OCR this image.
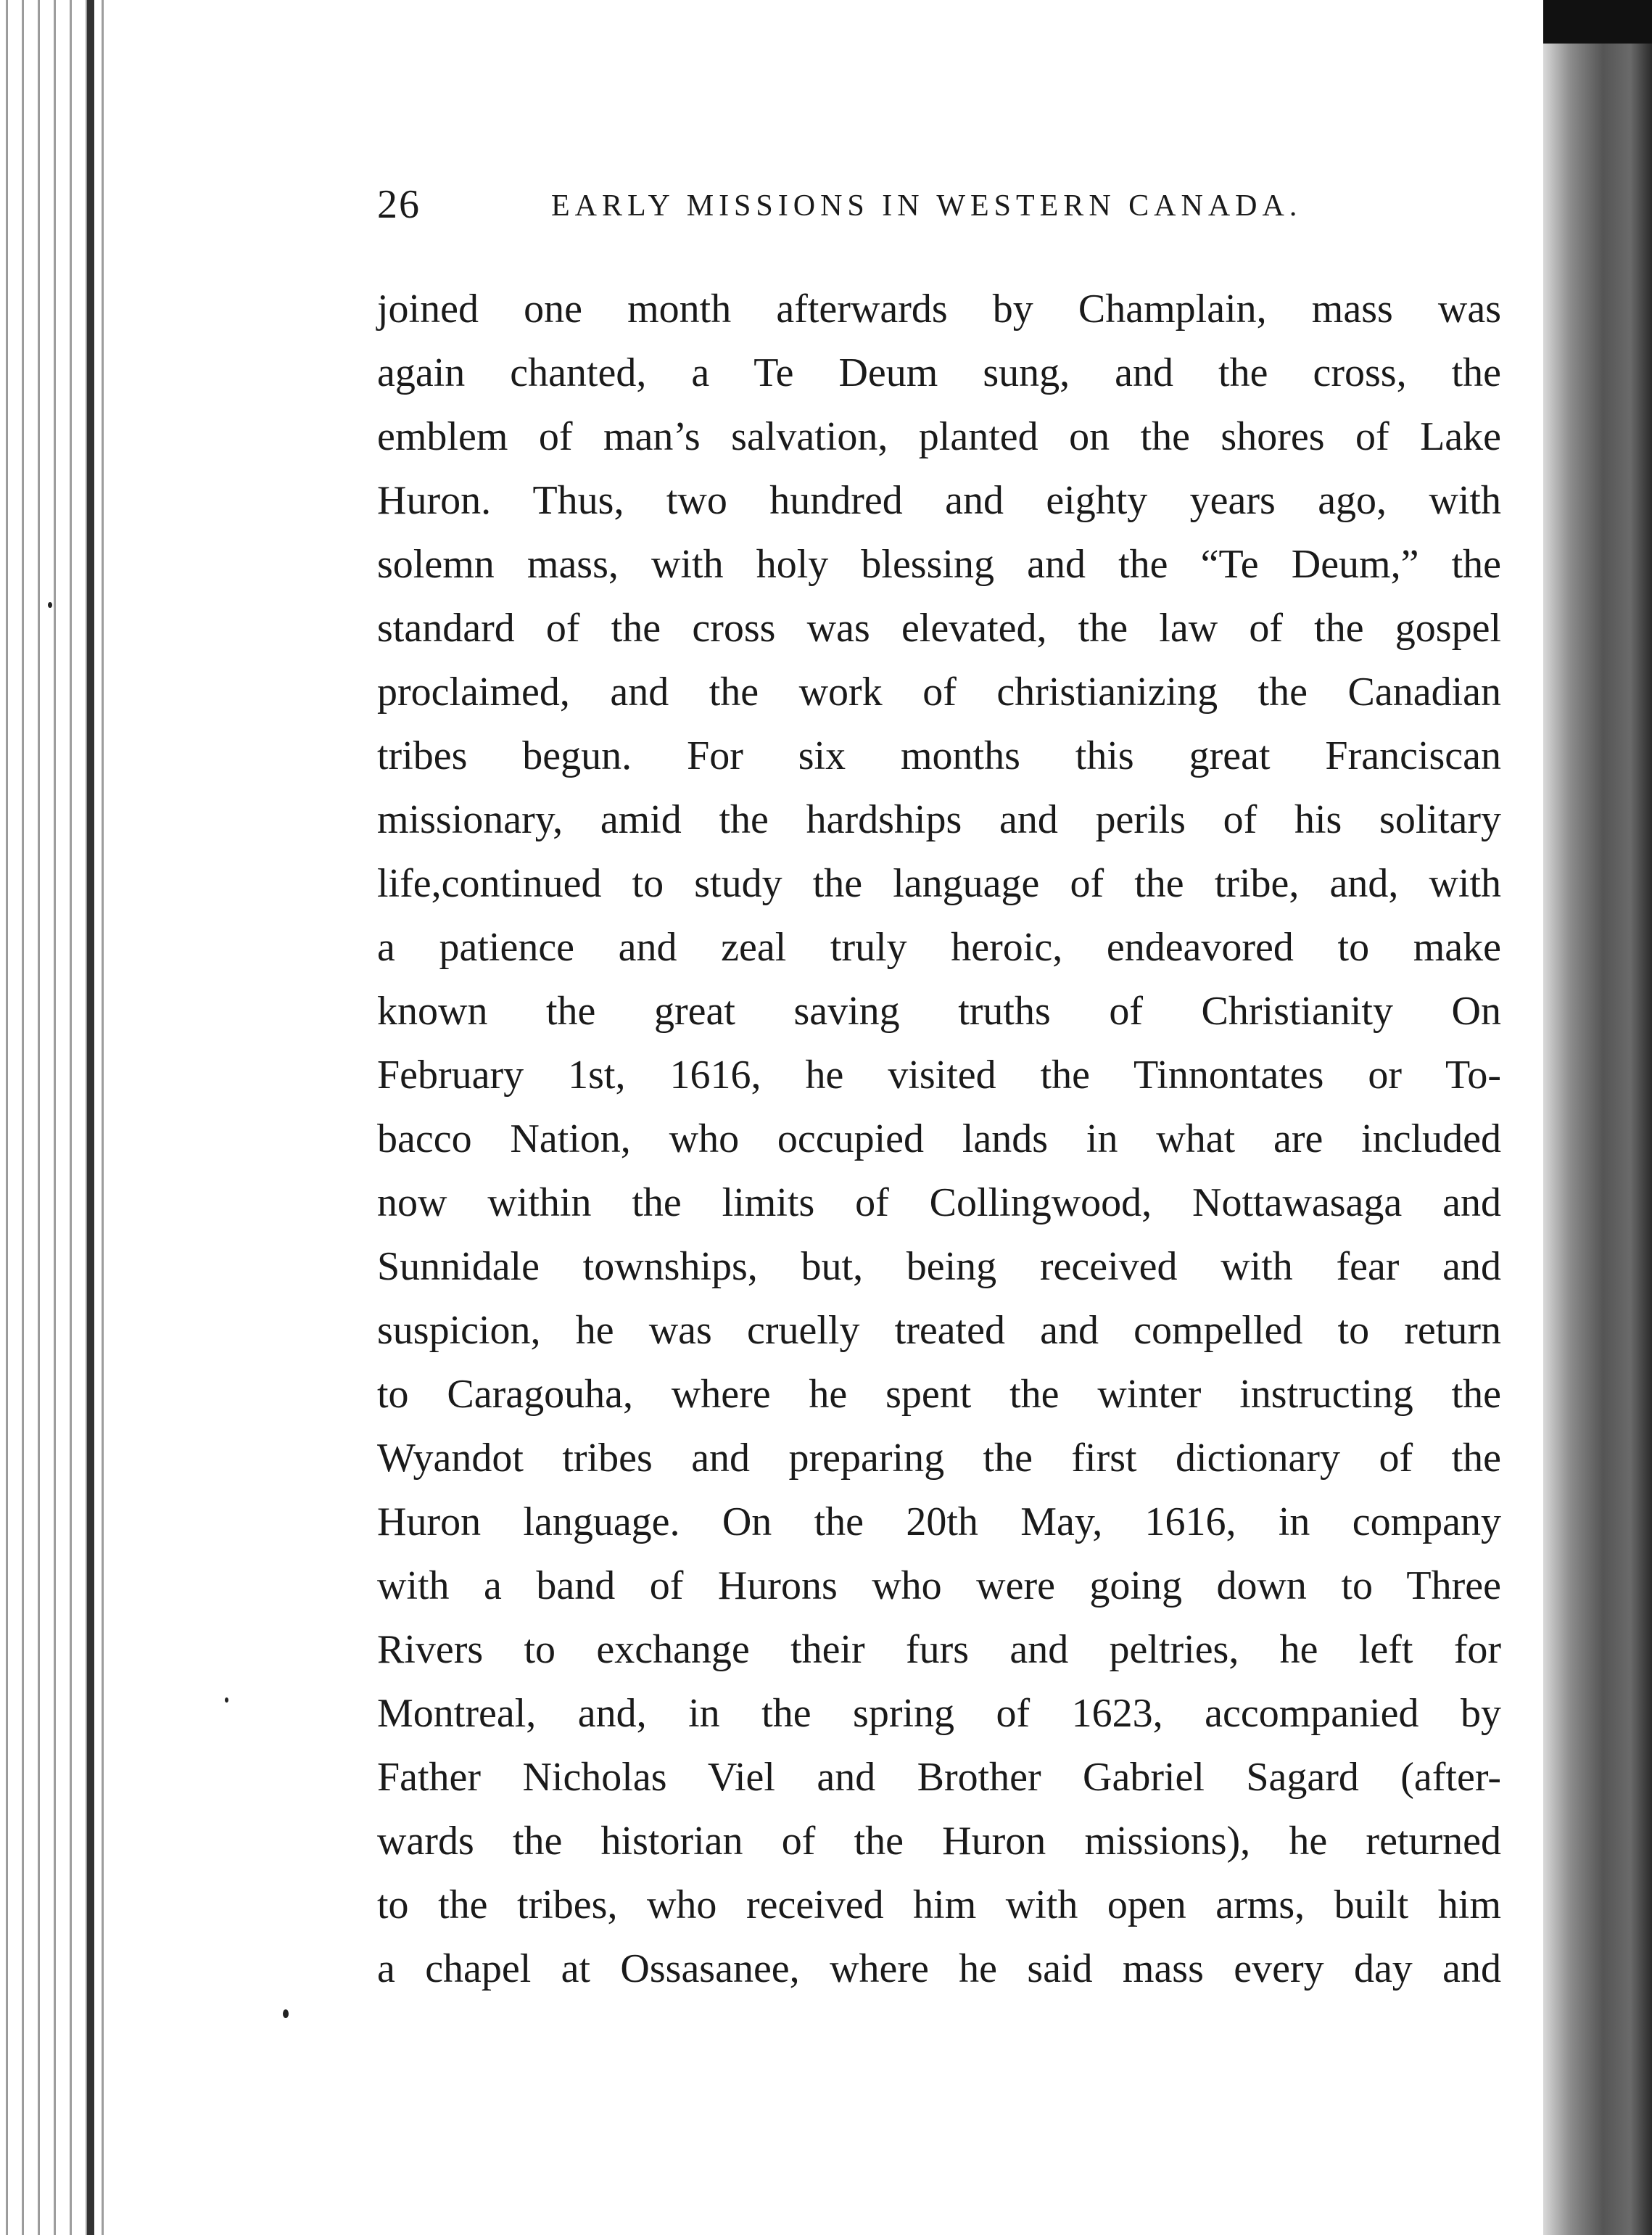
26	EARLY MISSIONS IN WESTERN CANADA.
joined one month afterwards by Champlain, mass was
again chanted, a Te Deum sung, and the cross, the
emblem of man’s salvation, planted on the shores of Lake
Huron. Thus, two hundred and eighty years ago, with
solemn mass, with holy blessing and the “Te Deum,” the
standard of the cross was elevated, the law of the gospel
proclaimed, and the work of christianizing the Canadian
tribes begun. For six months this great Franciscan
missionary, amid the hardships and perils of his solitary
life,continued to study the language of the tribe, and, with
a patience and zeal truly heroic, endeavored to make
known the great saving truths of Christianity On
February 1st, 1616, he visited the Tinnontates or To-
bacco Nation, who occupied lands in what are included
now within the limits of Collingwood, Nottawasaga and
Sunnidale townships, but, being received with fear and
suspicion, he was cruelly treated and compelled to return
to Caragouha, where he spent the winter instructing the
Wyandot tribes and preparing the first dictionary of the
Huron language. On the 20th May, 1616, in company
with a band of Hurons who were going down to Three
Rivers to exchange their furs and peltries, he left for
Montreal, and, in the spring of 1623, accompanied by
Father Nicholas Viel and Brother Gabriel Sagard (after-
wards the historian of the Huron missions), he returned
to the tribes, who received him with open arms, built him
a chapel at Ossasanee, where he said mass every day and
